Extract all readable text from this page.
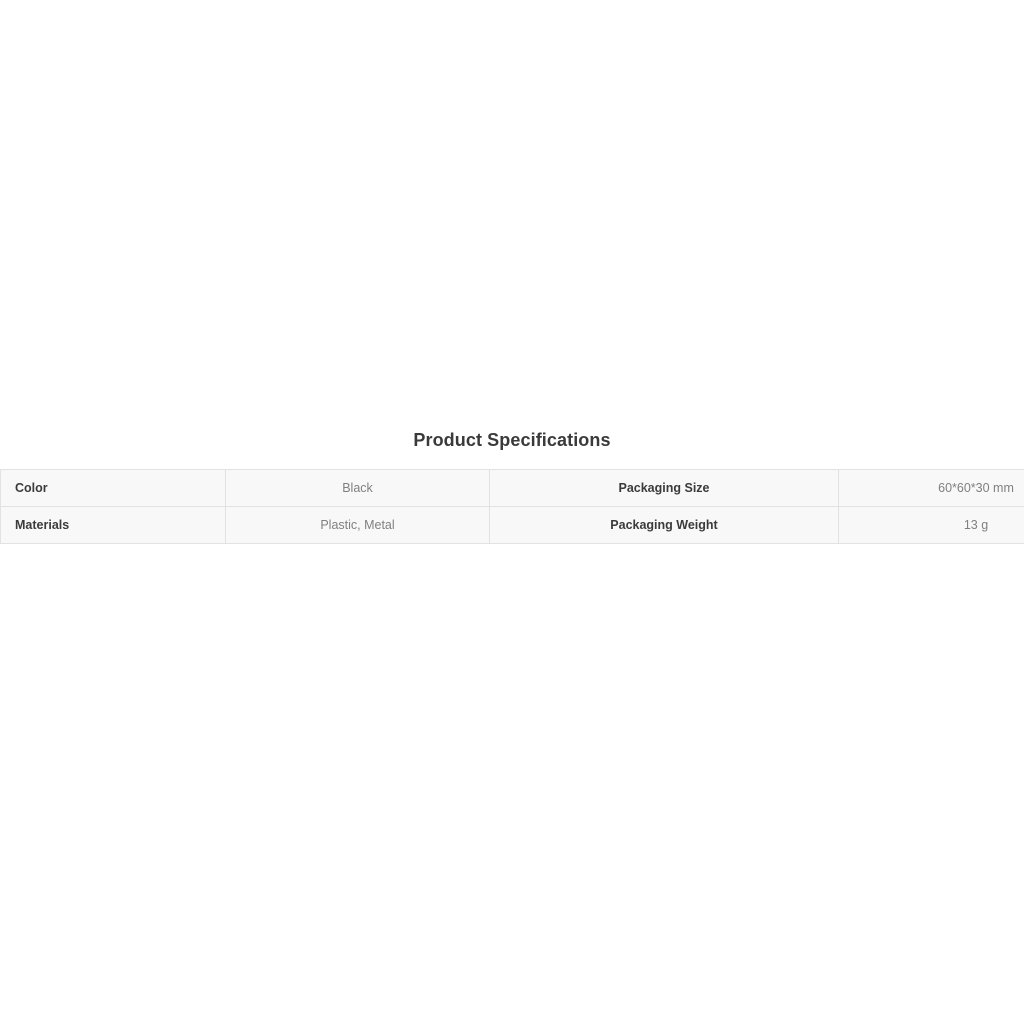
Product Specifications
Color	Black	Packaging Size	60*60*30 mm
Materials	Plastic, Metal	Packaging Weight	13 g
